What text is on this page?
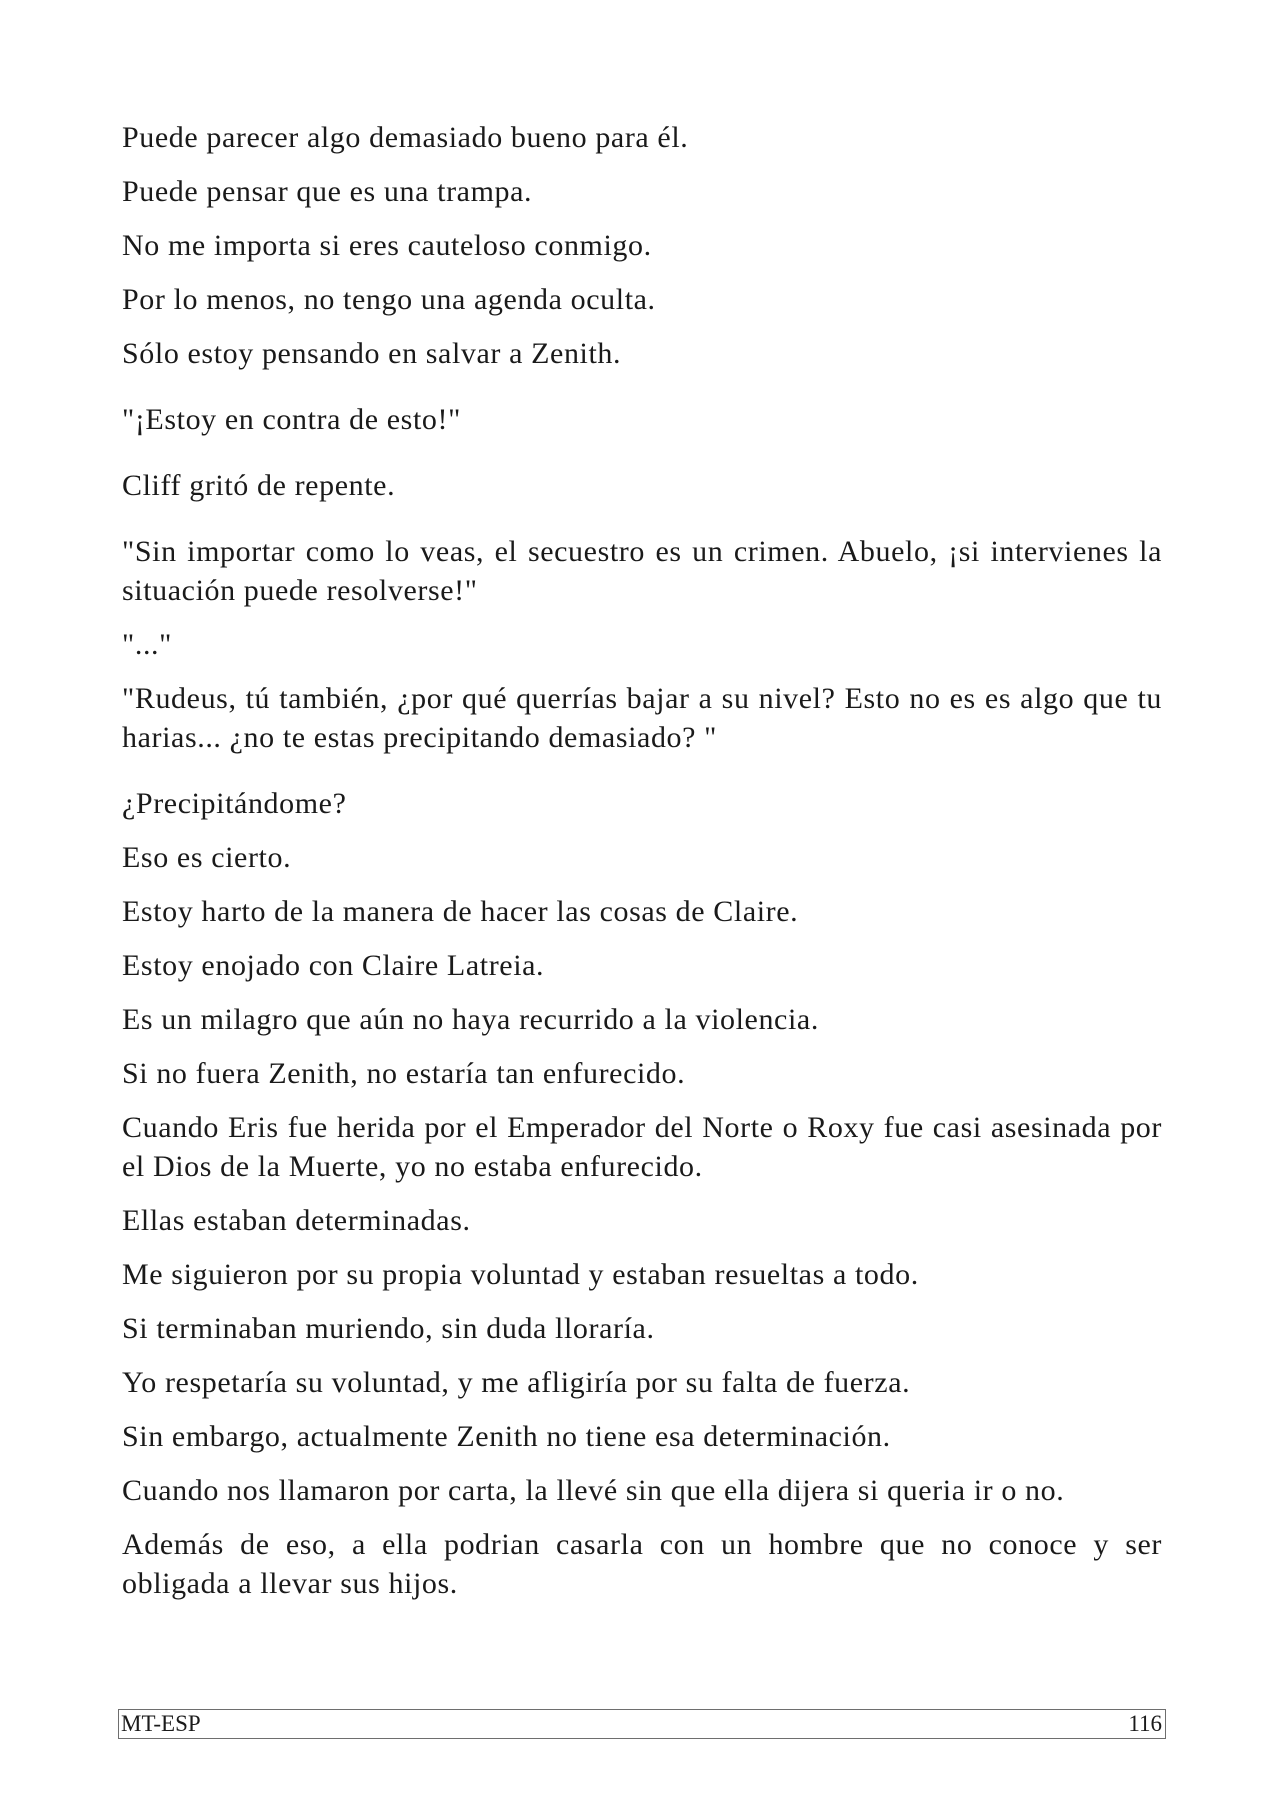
Puede parecer algo demasiado bueno para él.

Puede pensar que es una trampa.

No me importa si eres cauteloso conmigo.

Por lo menos, no tengo una agenda oculta.

Sólo estoy pensando en salvar a Zenith.

"¡Estoy en contra de esto!"

Cliff gritó de repente.

"Sin importar como lo veas, el secuestro es un crimen. Abuelo, ¡si intervienes la situación puede resolverse!"

"..."

"Rudeus, tú también, ¿por qué querrías bajar a su nivel? Esto no es es algo que tu harias... ¿no te estas precipitando demasiado? "

¿Precipitándome?

Eso es cierto.

Estoy harto de la manera de hacer las cosas de Claire.

Estoy enojado con Claire Latreia.

Es un milagro que aún no haya recurrido a la violencia.

Si no fuera Zenith, no estaría tan enfurecido.

Cuando Eris fue herida por el Emperador del Norte o Roxy fue casi asesinada por el Dios de la Muerte, yo no estaba enfurecido.

Ellas estaban determinadas.

Me siguieron por su propia voluntad y estaban resueltas a todo.

Si terminaban muriendo, sin duda lloraría.

Yo respetaría su voluntad, y me afligiría por su falta de fuerza.

Sin embargo, actualmente Zenith no tiene esa determinación.

Cuando nos llamaron por carta, la llevé sin que ella dijera si queria ir o no.

Además de eso, a ella podrian casarla con un hombre que no conoce y ser obligada a llevar sus hijos.

MT-ESP	116
